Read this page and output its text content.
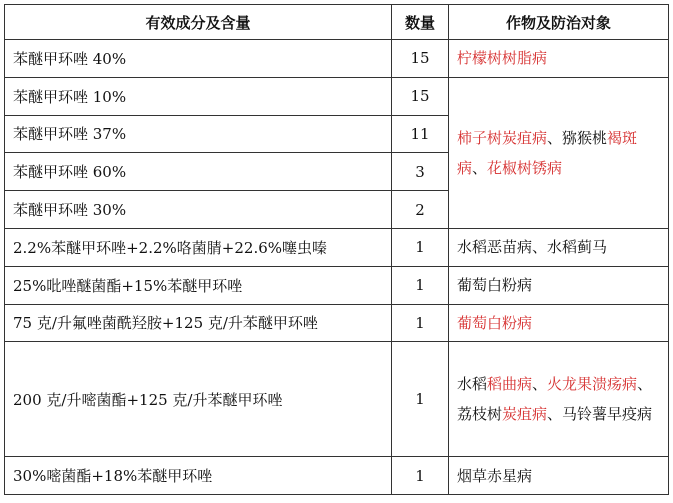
有效成分及含量	数量	作物及防治对象
苯醚甲环唑 40%	15	柠檬树树脂病
苯醚甲环唑 10%	15	柿子树炭疽病、猕猴桃褐斑病、花椒树锈病
苯醚甲环唑 37%	11	
苯醚甲环唑 60%	3	
苯醚甲环唑 30%	2	
2.2%苯醚甲环唑+2.2%咯菌腈+22.6%噻虫嗪	1	水稻恶苗病、水稻蓟马
25%吡唑醚菌酯+15%苯醚甲环唑	1	葡萄白粉病
75 克/升氟唑菌酰羟胺+125 克/升苯醚甲环唑	1	葡萄白粉病
200 克/升嘧菌酯+125 克/升苯醚甲环唑	1	水稻稻曲病、火龙果溃疡病、荔枝树炭疽病、马铃薯早疫病
30%嘧菌酯+18%苯醚甲环唑	1	烟草赤星病
